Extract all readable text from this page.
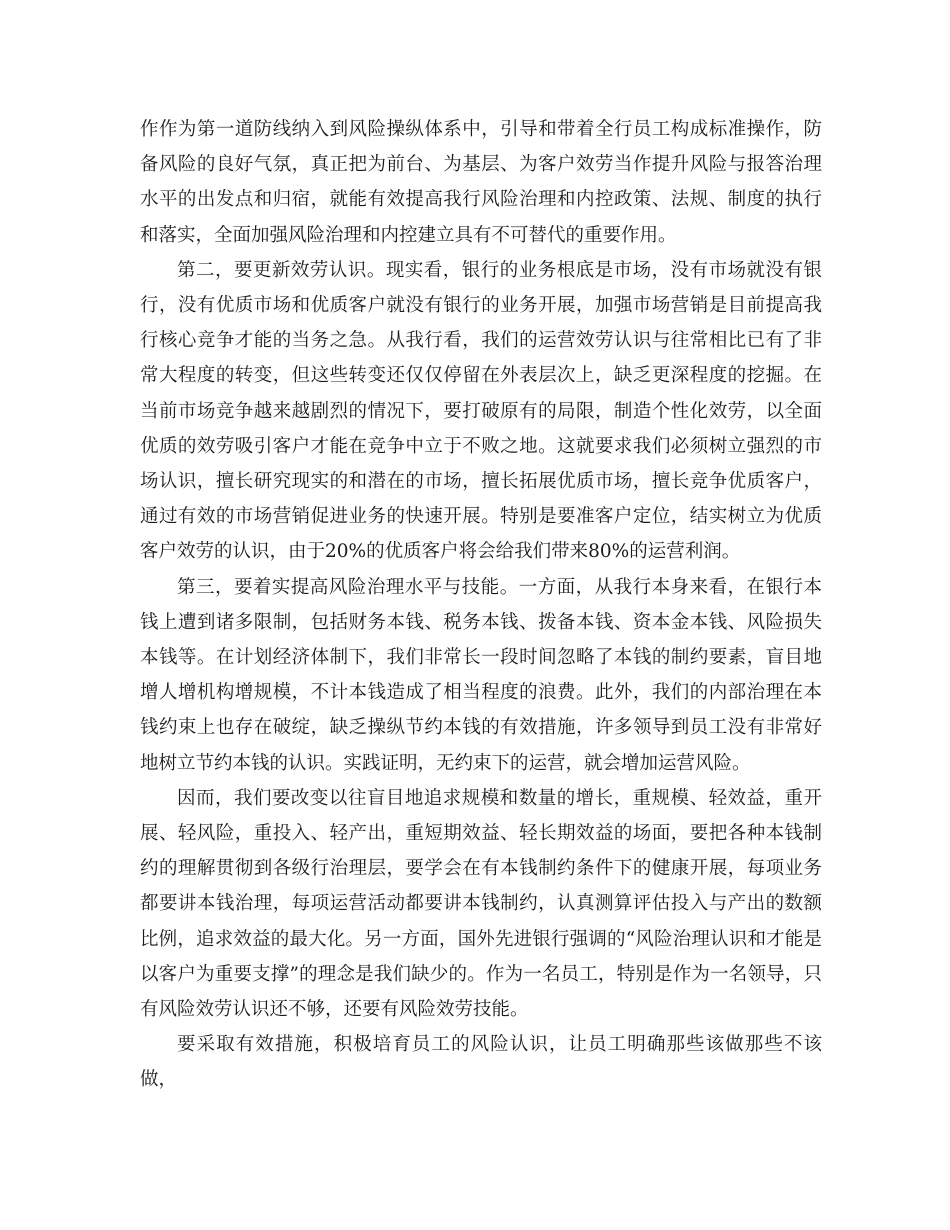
作作为第一道防线纳入到风险操纵体系中，引导和带着全行员工构成标准操作，防备风险的良好气氛，真正把为前台、为基层、为客户效劳当作提升风险与报答治理水平的出发点和归宿，就能有效提高我行风险治理和内控政策、法规、制度的执行和落实，全面加强风险治理和内控建立具有不可替代的重要作用。

第二，要更新效劳认识。现实看，银行的业务根底是市场，没有市场就没有银行，没有优质市场和优质客户就没有银行的业务开展，加强市场营销是目前提高我行核心竞争才能的当务之急。从我行看，我们的运营效劳认识与往常相比已有了非常大程度的转变，但这些转变还仅仅停留在外表层次上，缺乏更深程度的挖掘。在当前市场竞争越来越剧烈的情况下，要打破原有的局限，制造个性化效劳，以全面优质的效劳吸引客户才能在竞争中立于不败之地。这就要求我们必须树立强烈的市场认识，擅长研究现实的和潜在的市场，擅长拓展优质市场，擅长竞争优质客户，通过有效的市场营销促进业务的快速开展。特别是要准客户定位，结实树立为优质客户效劳的认识，由于20%的优质客户将会给我们带来80%的运营利润。

第三，要着实提高风险治理水平与技能。一方面，从我行本身来看，在银行本钱上遭到诸多限制，包括财务本钱、税务本钱、拨备本钱、资本金本钱、风险损失本钱等。在计划经济体制下，我们非常长一段时间忽略了本钱的制约要素，盲目地增人增机构增规模，不计本钱造成了相当程度的浪费。此外，我们的内部治理在本钱约束上也存在破绽，缺乏操纵节约本钱的有效措施，许多领导到员工没有非常好地树立节约本钱的认识。实践证明，无约束下的运营，就会增加运营风险。

因而，我们要改变以往盲目地追求规模和数量的增长，重规模、轻效益，重开展、轻风险，重投入、轻产出，重短期效益、轻长期效益的场面，要把各种本钱制约的理解贯彻到各级行治理层，要学会在有本钱制约条件下的健康开展，每项业务都要讲本钱治理，每项运营活动都要讲本钱制约，认真测算评估投入与产出的数额比例，追求效益的最大化。另一方面，国外先进银行强调的“风险治理认识和才能是以客户为重要支撑”的理念是我们缺少的。作为一名员工，特别是作为一名领导，只有风险效劳认识还不够，还要有风险效劳技能。

要采取有效措施，积极培育员工的风险认识，让员工明确那些该做那些不该做，
